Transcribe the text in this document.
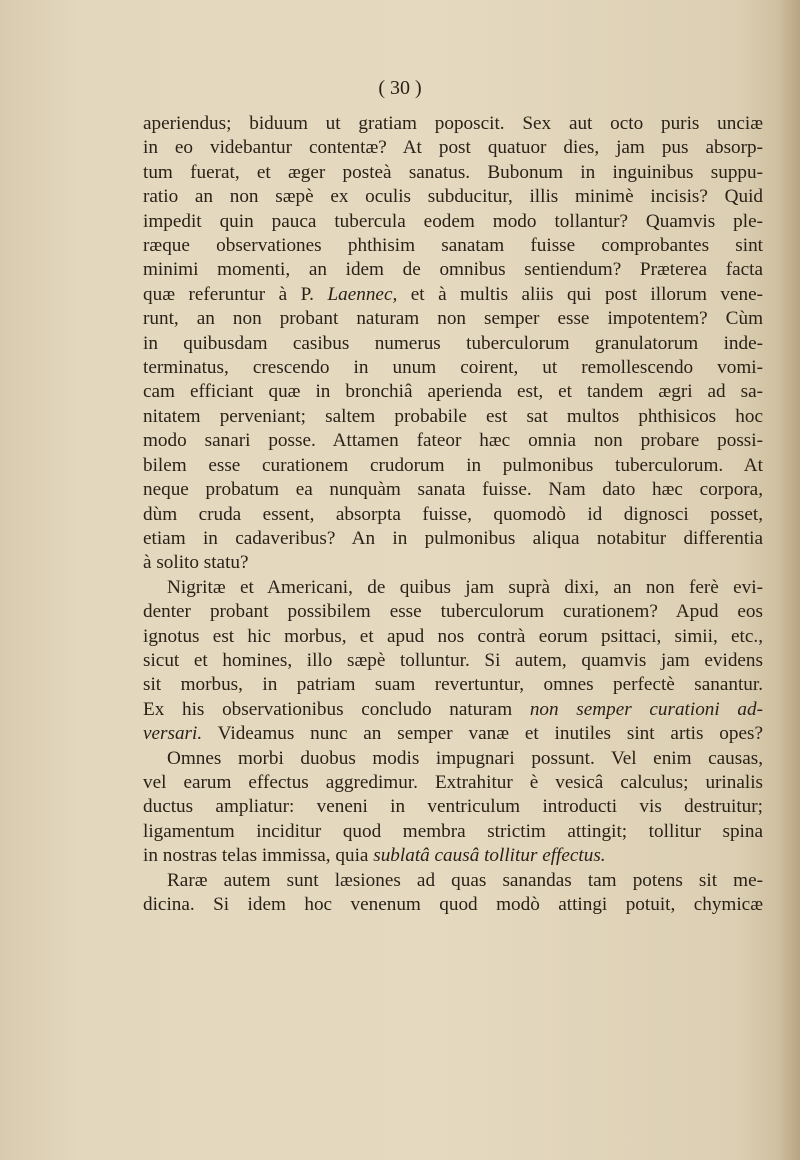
( 30 )
aperiendus; biduum ut gratiam poposcit. Sex aut octo puris unciæ
in eo videbantur contentæ? At post quatuor dies, jam pus absorp-
tum fuerat, et æger posteà sanatus. Bubonum in inguinibus suppu-
ratio an non sæpè ex oculis subducitur, illis minimè incisis? Quid
impedit quin pauca tubercula eodem modo tollantur? Quamvis ple-
ræque observationes phthisim sanatam fuisse comprobantes sint
minimi momenti, an idem de omnibus sentiendum? Præterea facta
quæ referuntur à P. Laennec, et à multis aliis qui post illorum vene-
runt, an non probant naturam non semper esse impotentem? Cùm
in quibusdam casibus numerus tuberculorum granulatorum inde-
terminatus, crescendo in unum coirent, ut remollescendo vomi-
cam efficiant quæ in bronchiâ aperienda est, et tandem ægri ad sa-
nitatem perveniant; saltem probabile est sat multos phthisicos hoc
modo sanari posse. Attamen fateor hæc omnia non probare possi-
bilem esse curationem crudorum in pulmonibus tuberculorum. At
neque probatum ea nunquàm sanata fuisse. Nam dato hæc corpora,
dùm cruda essent, absorpta fuisse, quomodò id dignosci posset,
etiam in cadaveribus? An in pulmonibus aliqua notabitur differentia
à solito statu?
Nigritæ et Americani, de quibus jam suprà dixi, an non ferè evi-
denter probant possibilem esse tuberculorum curationem? Apud eos
ignotus est hic morbus, et apud nos contrà eorum psittaci, simii, etc.,
sicut et homines, illo sæpè tolluntur. Si autem, quamvis jam evidens
sit morbus, in patriam suam revertuntur, omnes perfectè sanantur.
Ex his observationibus concludo naturam non semper curationi ad-
versari. Videamus nunc an semper vanæ et inutiles sint artis opes?
Omnes morbi duobus modis impugnari possunt. Vel enim causas,
vel earum effectus aggredimur. Extrahitur è vesicâ calculus; urinalis
ductus ampliatur: veneni in ventriculum introducti vis destruitur;
ligamentum inciditur quod membra strictim attingit; tollitur spina
in nostras telas immissa, quia sublatâ causâ tollitur effectus.
Raræ autem sunt læsiones ad quas sanandas tam potens sit me-
dicina. Si idem hoc venenum quod modò attingi potuit, chymicæ
